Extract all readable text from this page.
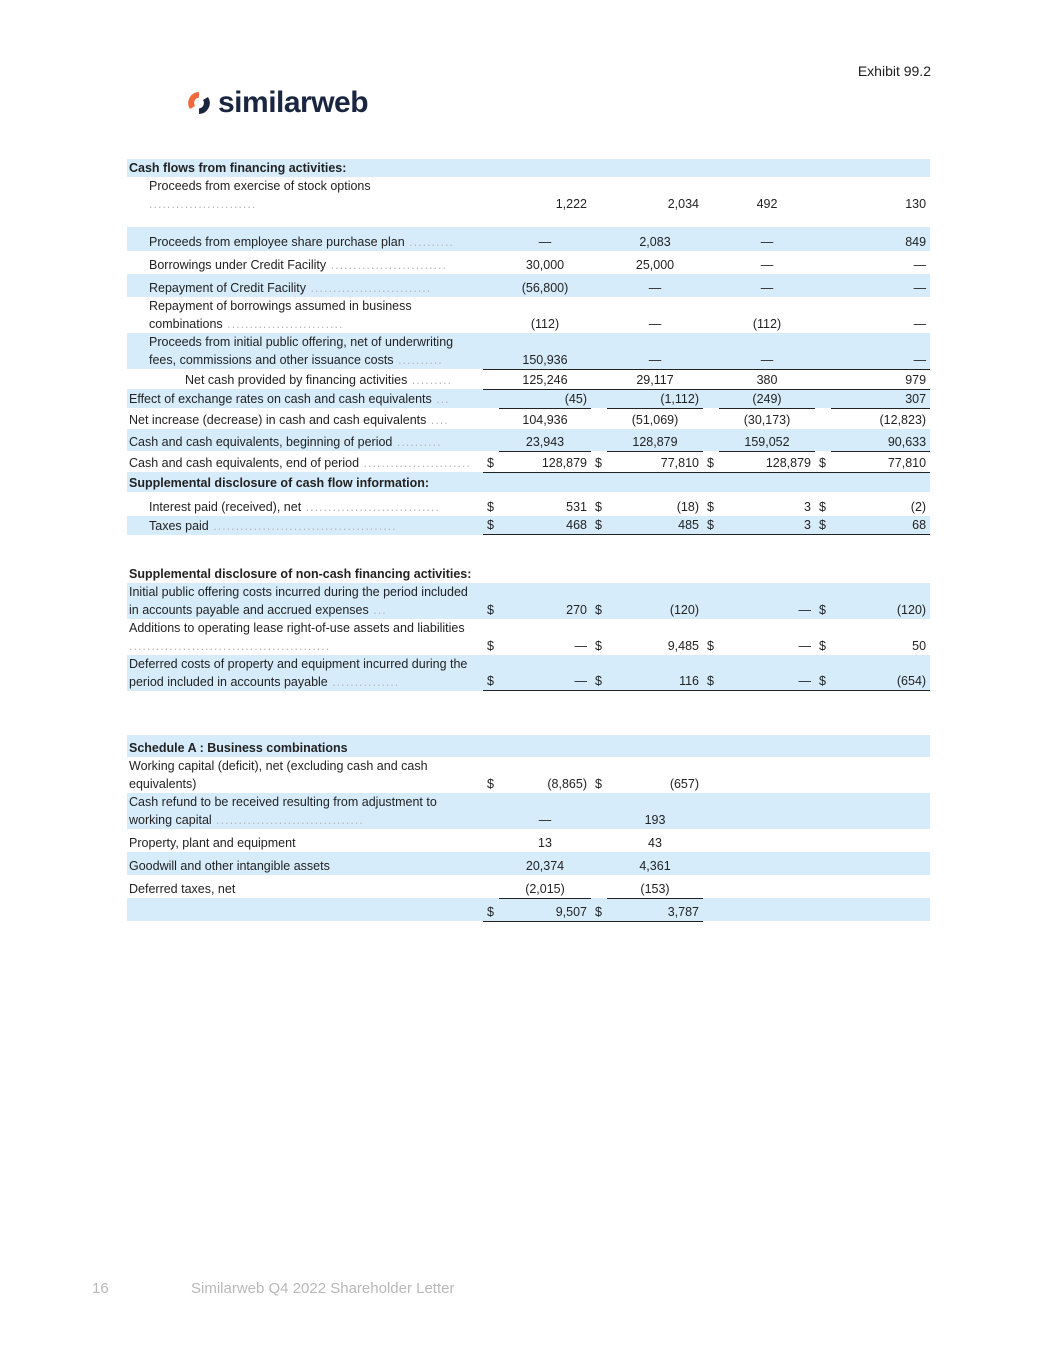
Exhibit 99.2
similarweb
Cash flows from financing activities:								
Proceeds from exercise of stock options ........................		1,222		2,034		492		130

Proceeds from employee share purchase plan ..........		—		2,083		—		849
Borrowings under Credit Facility ..........................		30,000		25,000		—		—
Repayment of Credit Facility ...........................		(56,800)		—		—		—
Repayment of borrowings assumed in business combinations ..........................		(112)		—		(112)		—
Proceeds from initial public offering, net of underwriting fees, commissions and other issuance costs ..........		150,936		—		—		—
Net cash provided by financing activities .........		125,246		29,117		380		979
Effect of exchange rates on cash and cash equivalents ...		(45)		(1,112)		(249)		307
Net increase (decrease) in cash and cash equivalents ....		104,936		(51,069)		(30,173)		(12,823)
Cash and cash equivalents, beginning of period ..........		23,943		128,879		159,052		90,633
Cash and cash equivalents, end of period ........................	$	128,879	$	77,810	$	128,879	$	77,810
Supplemental disclosure of cash flow information:								
Interest paid (received), net ..............................	$	531	$	(18)	$	3	$	(2)
Taxes paid .........................................	$	468	$	485	$	3	$	68
Supplemental disclosure of non-cash financing activities:								
Initial public offering costs incurred during the period included in accounts payable and accrued expenses ...	$	270	$	(120)		—	$	(120)
Additions to operating lease right-of-use assets and liabilities .............................................	$	—	$	9,485	$	—	$	50
Deferred costs of property and equipment incurred during the period included in accounts payable ...............	$	—	$	116	$	—	$	(654)
Schedule A : Business combinations					
Working capital (deficit), net (excluding cash and cash equivalents)	$	(8,865)	$	(657)	
Cash refund to be received resulting from adjustment to working capital .................................		—		193	
Property, plant and equipment		13		43	
Goodwill and other intangible assets		20,374		4,361	
Deferred taxes, net		(2,015)		(153)	
	$	9,507	$	3,787	
16	Similarweb Q4 2022 Shareholder Letter
